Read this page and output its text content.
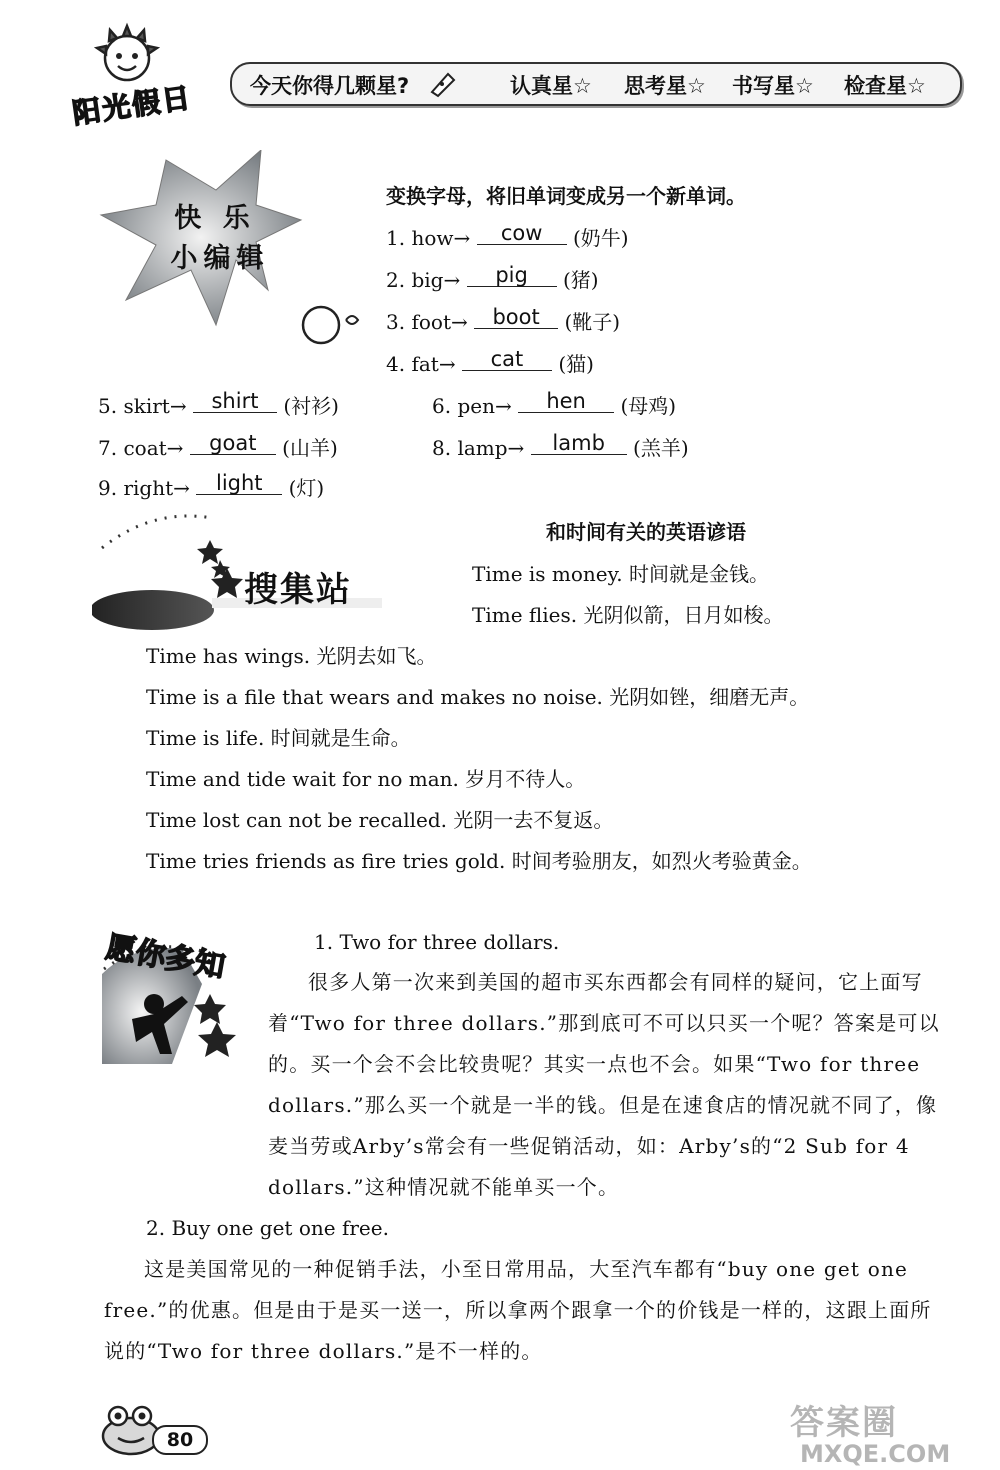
阳光假日	今天你得几颗星?	认真星☆ 思考星☆ 书写星☆ 检查星☆
快 乐
小编辑
变换字母，将旧单词变成另一个新单词。
1. how→ cow (奶牛)
2. big→ pig (猪)
3. foot→ boot (靴子)
4. fat→ cat (猫)
5. skirt→ shirt (衬衫)	6. pen→ hen (母鸡)
7. coat→ goat (山羊)	8. lamp→ lamb (羔羊)
9. right→ light (灯)
搜集站
和时间有关的英语谚语
Time is money. 时间就是金钱。
Time flies. 光阴似箭，日月如梭。
Time has wings. 光阴去如飞。
Time is a file that wears and makes no noise. 光阴如锉，细磨无声。
Time is life. 时间就是生命。
Time and tide wait for no man. 岁月不待人。
Time lost can not be recalled. 光阴一去不复返。
Time tries friends as fire tries gold. 时间考验朋友，如烈火考验黄金。
愿你多知	1. Two for three dollars.
很多人第一次来到美国的超市买东西都会有同样的疑问，它上面写着“Two for three dollars.”那到底可不可以只买一个呢？答案是可以的。买一个会不会比较贵呢？其实一点也不会。如果“Two for three dollars.”那么买一个就是一半的钱。但是在速食店的情况就不同了，像麦当劳或Arby’s常会有一些促销活动，如：Arby’s的“2 Sub for 4 dollars.”这种情况就不能单买一个。
2. Buy one get one free.
这是美国常见的一种促销手法，小至日常用品，大至汽车都有“buy one get one free.”的优惠。但是由于是买一送一，所以拿两个跟拿一个的价钱是一样的，这跟上面所说的“Two for three dollars.”是不一样的。
80	答案圈
MXQE.COM
